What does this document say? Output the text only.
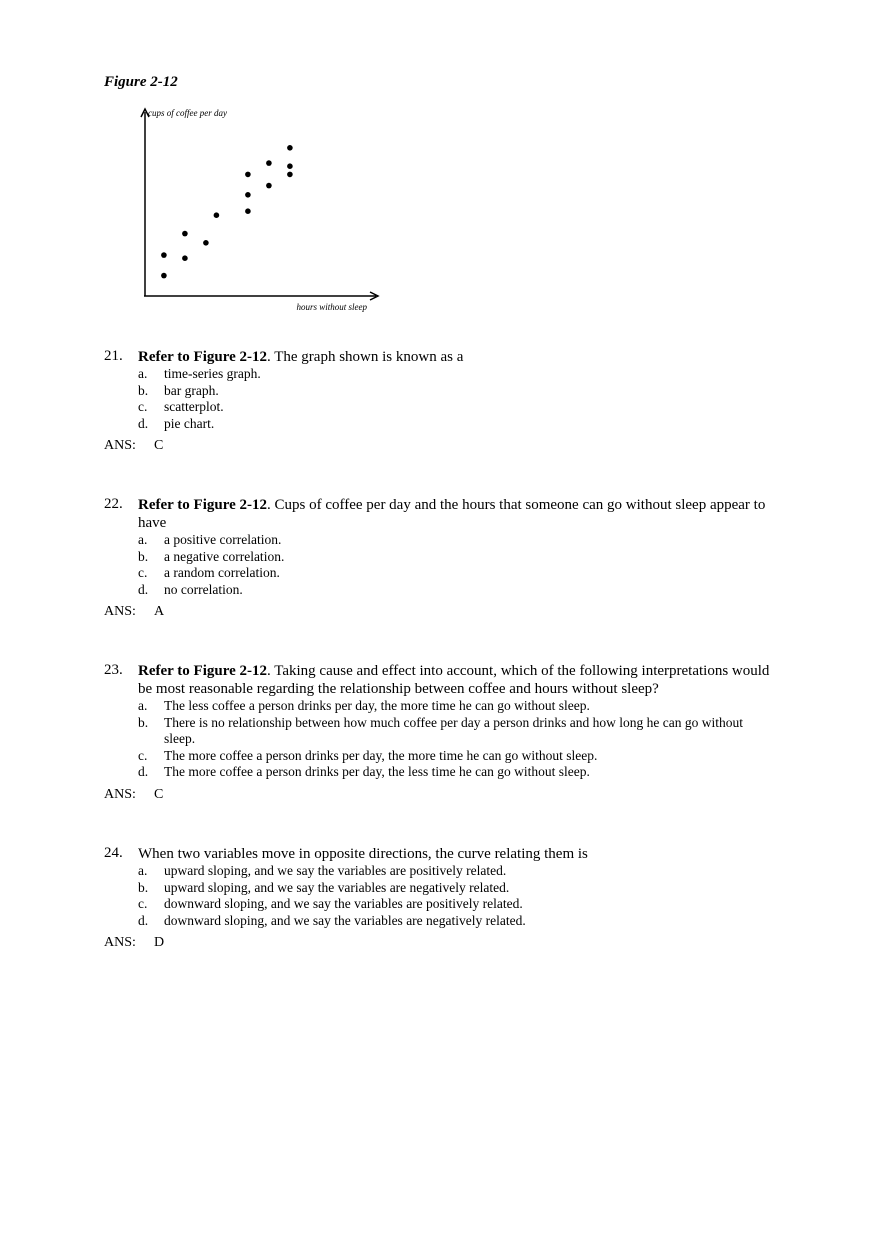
Figure 2-12
cups of coffee per day
hours without sleep
21. Refer to Figure 2-12. The graph shown is known as a
a. time-series graph.
b. bar graph.
c. scatterplot.
d. pie chart.
ANS: C
22. Refer to Figure 2-12. Cups of coffee per day and the hours that someone can go without sleep appear to have
a. a positive correlation.
b. a negative correlation.
c. a random correlation.
d. no correlation.
ANS: A
23. Refer to Figure 2-12. Taking cause and effect into account, which of the following interpretations would be most reasonable regarding the relationship between coffee and hours without sleep?
a. The less coffee a person drinks per day, the more time he can go without sleep.
b. There is no relationship between how much coffee per day a person drinks and how long he can go without sleep.
c. The more coffee a person drinks per day, the more time he can go without sleep.
d. The more coffee a person drinks per day, the less time he can go without sleep.
ANS: C
24. When two variables move in opposite directions, the curve relating them is
a. upward sloping, and we say the variables are positively related.
b. upward sloping, and we say the variables are negatively related.
c. downward sloping, and we say the variables are positively related.
d. downward sloping, and we say the variables are negatively related.
ANS: D
